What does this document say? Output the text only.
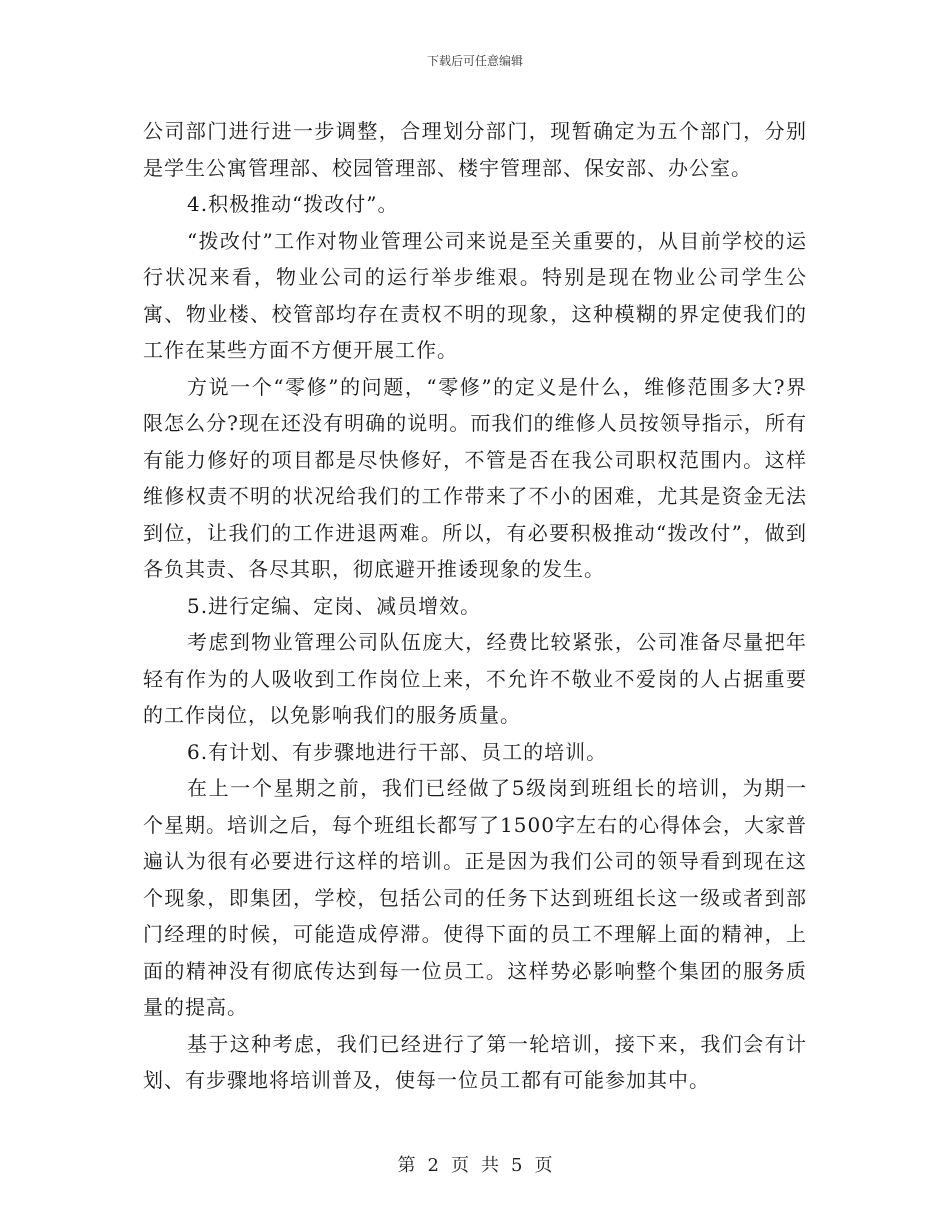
下载后可任意编辑

公司部门进行进一步调整，合理划分部门，现暂确定为五个部门，分别是学生公寓管理部、校园管理部、楼宇管理部、保安部、办公室。

4.积极推动“拨改付”。

“拨改付”工作对物业管理公司来说是至关重要的，从目前学校的运行状况来看，物业公司的运行举步维艰。特别是现在物业公司学生公寓、物业楼、校管部均存在责权不明的现象，这种模糊的界定使我们的工作在某些方面不方便开展工作。

方说一个“零修”的问题，“零修”的定义是什么，维修范围多大?界限怎么分?现在还没有明确的说明。而我们的维修人员按领导指示，所有有能力修好的项目都是尽快修好，不管是否在我公司职权范围内。这样维修权责不明的状况给我们的工作带来了不小的困难，尤其是资金无法到位，让我们的工作进退两难。所以，有必要积极推动“拨改付”，做到各负其责、各尽其职，彻底避开推诿现象的发生。

5.进行定编、定岗、减员增效。

考虑到物业管理公司队伍庞大，经费比较紧张，公司准备尽量把年轻有作为的人吸收到工作岗位上来，不允许不敬业不爱岗的人占据重要的工作岗位，以免影响我们的服务质量。

6.有计划、有步骤地进行干部、员工的培训。

在上一个星期之前，我们已经做了5级岗到班组长的培训，为期一个星期。培训之后，每个班组长都写了1500字左右的心得体会，大家普遍认为很有必要进行这样的培训。正是因为我们公司的领导看到现在这个现象，即集团，学校，包括公司的任务下达到班组长这一级或者到部门经理的时候，可能造成停滞。使得下面的员工不理解上面的精神，上面的精神没有彻底传达到每一位员工。这样势必影响整个集团的服务质量的提高。

基于这种考虑，我们已经进行了第一轮培训，接下来，我们会有计划、有步骤地将培训普及，使每一位员工都有可能参加其中。

第 2 页 共 5 页
